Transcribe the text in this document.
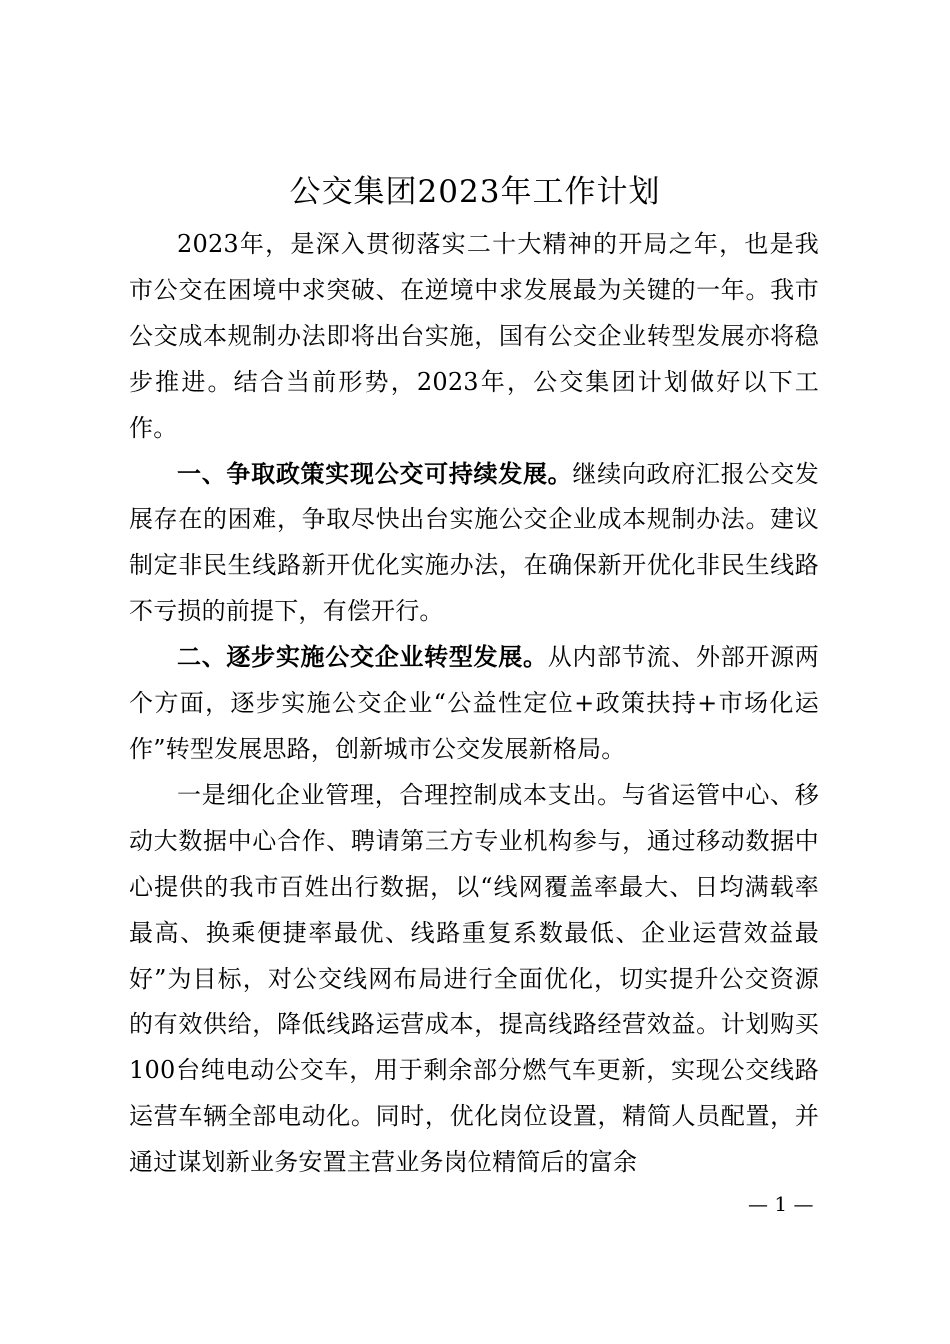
公交集团2023年工作计划

2023年，是深入贯彻落实二十大精神的开局之年，也是我市公交在困境中求突破、在逆境中求发展最为关键的一年。我市公交成本规制办法即将出台实施，国有公交企业转型发展亦将稳步推进。结合当前形势，2023年，公交集团计划做好以下工作。

一、争取政策实现公交可持续发展。继续向政府汇报公交发展存在的困难，争取尽快出台实施公交企业成本规制办法。建议制定非民生线路新开优化实施办法，在确保新开优化非民生线路不亏损的前提下，有偿开行。

二、逐步实施公交企业转型发展。从内部节流、外部开源两个方面，逐步实施公交企业“公益性定位+政策扶持+市场化运作”转型发展思路，创新城市公交发展新格局。

一是细化企业管理，合理控制成本支出。与省运管中心、移动大数据中心合作、聘请第三方专业机构参与，通过移动数据中心提供的我市百姓出行数据，以“线网覆盖率最大、日均满载率最高、换乘便捷率最优、线路重复系数最低、企业运营效益最好”为目标，对公交线网布局进行全面优化，切实提升公交资源的有效供给，降低线路运营成本，提高线路经营效益。计划购买100台纯电动公交车，用于剩余部分燃气车更新，实现公交线路运营车辆全部电动化。同时，优化岗位设置，精简人员配置，并通过谋划新业务安置主营业务岗位精简后的富余

— 1 —
